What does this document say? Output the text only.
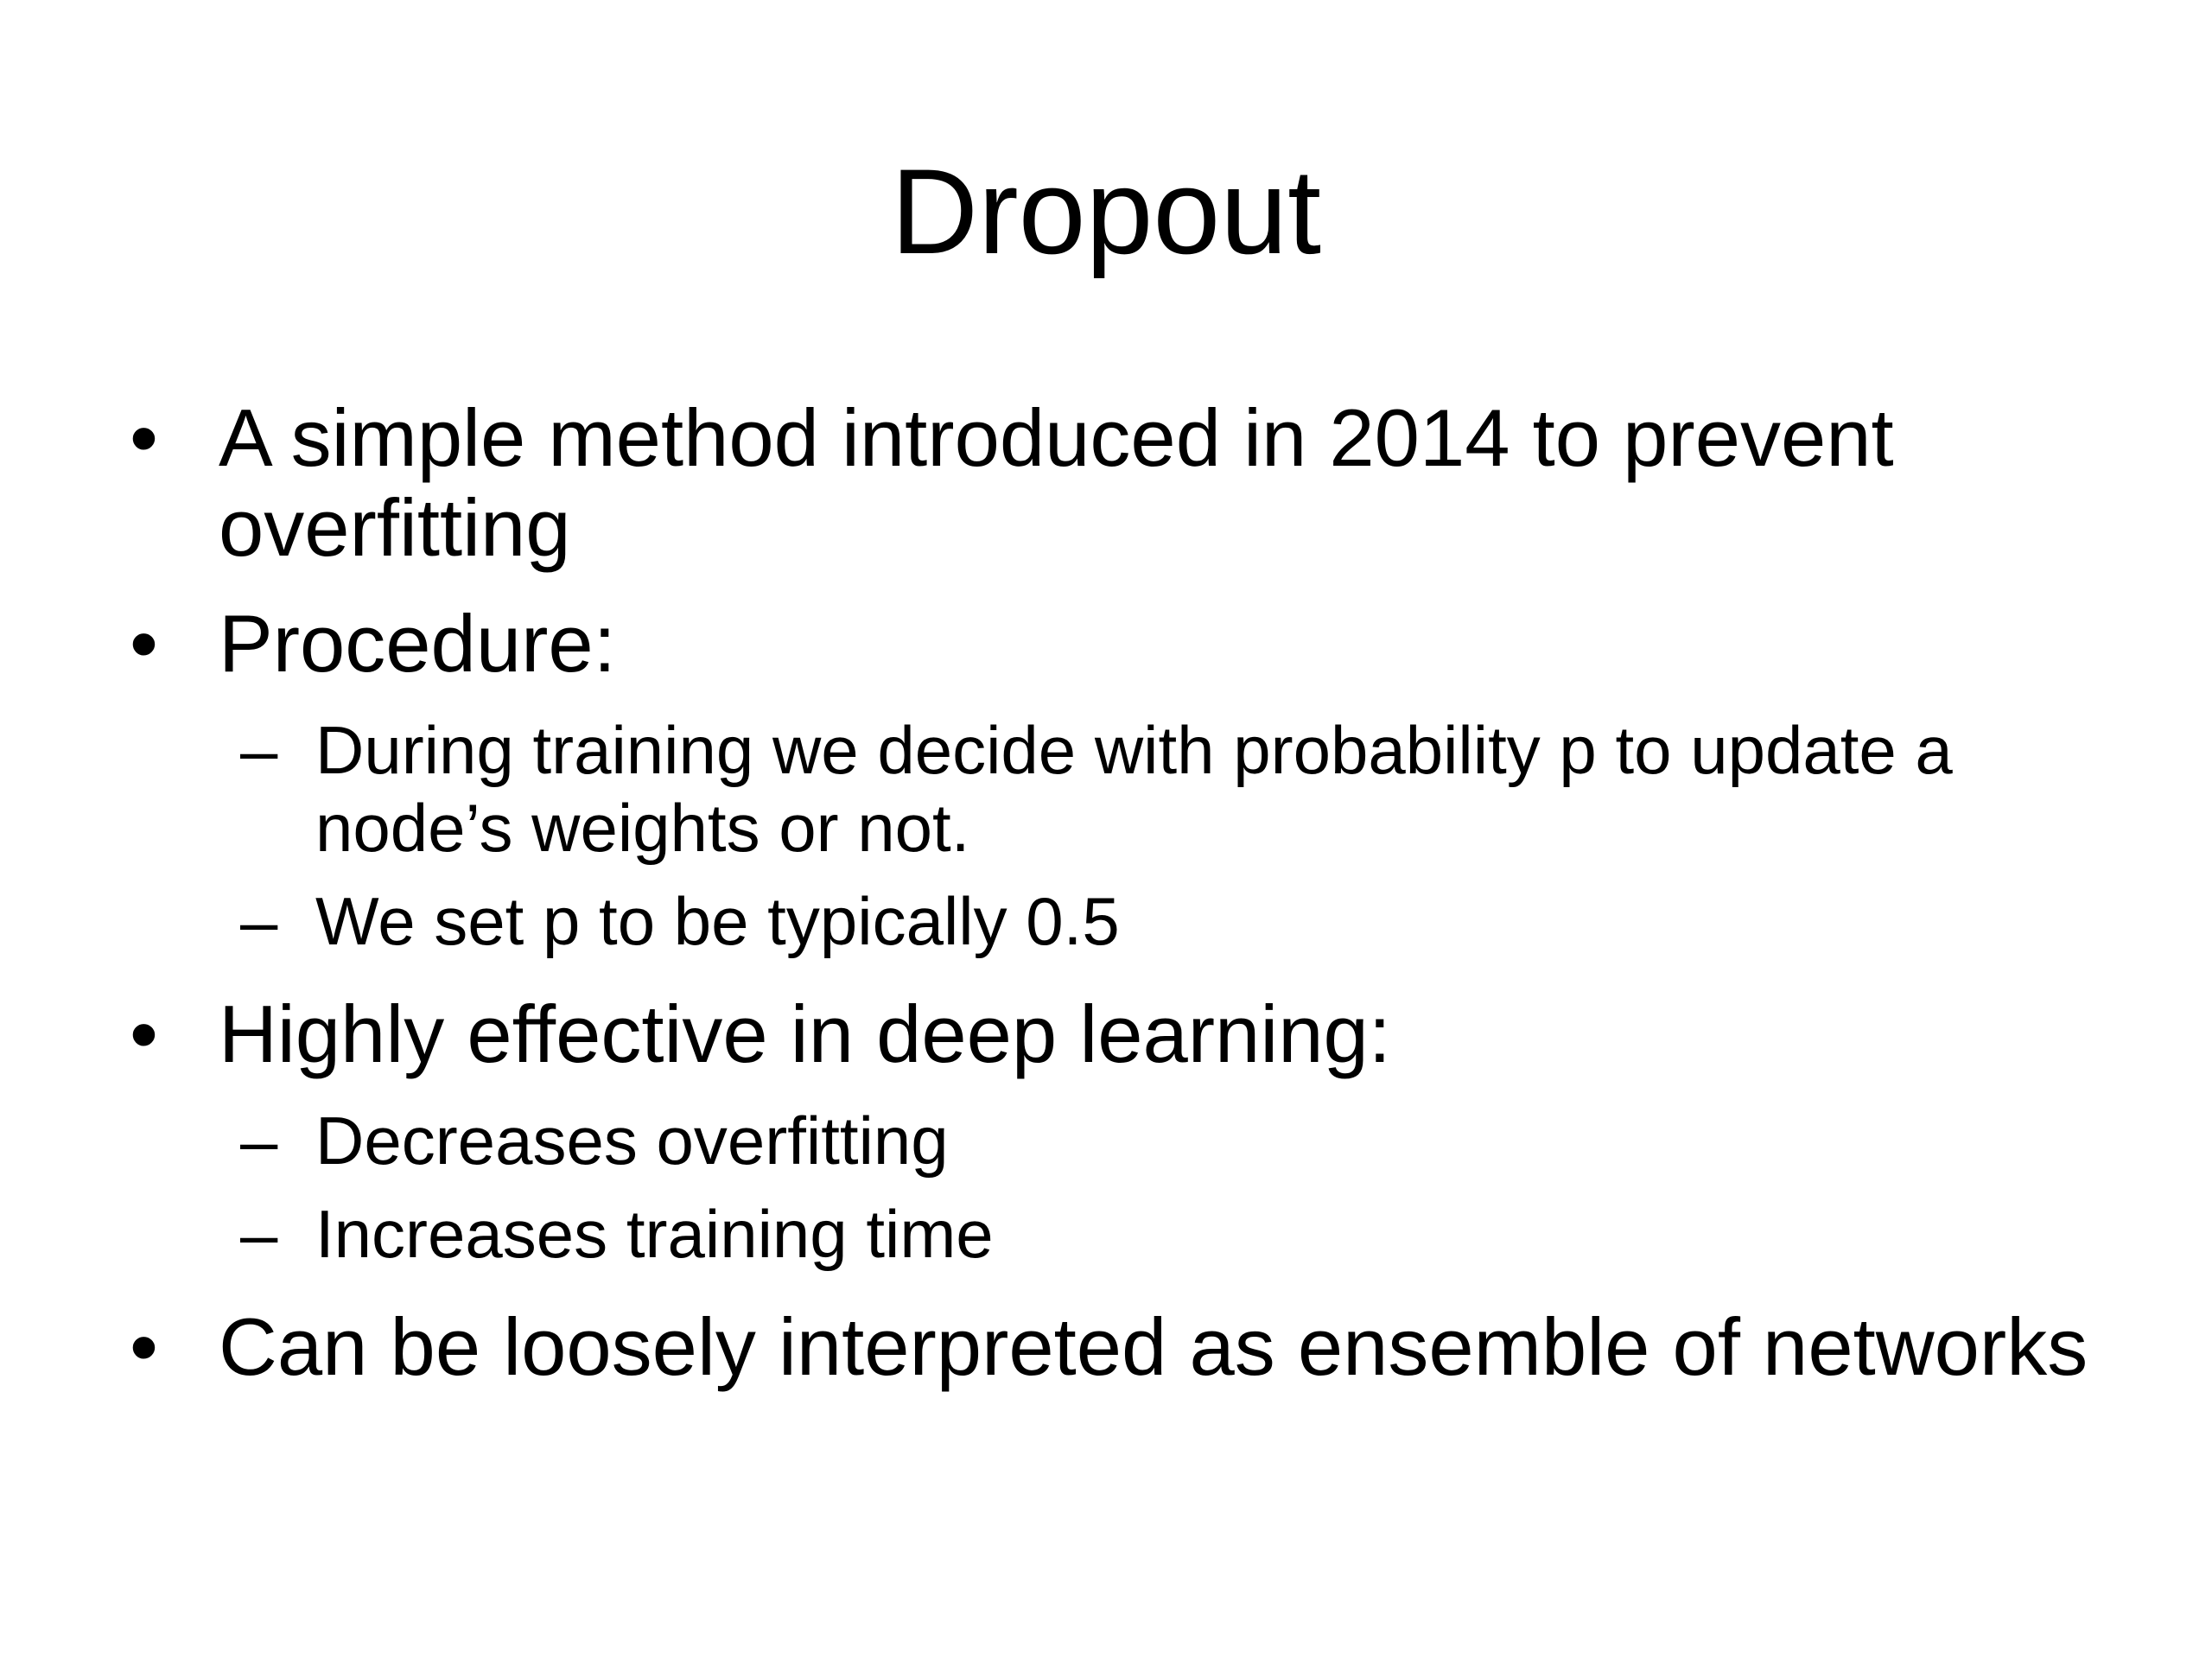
Dropout
• A simple method introduced in 2014 to prevent overfitting
• Procedure:
– During training we decide with probability p to update a node’s weights or not.
– We set p to be typically 0.5
• Highly effective in deep learning:
– Decreases overfitting
– Increases training time
• Can be loosely interpreted as ensemble of networks
